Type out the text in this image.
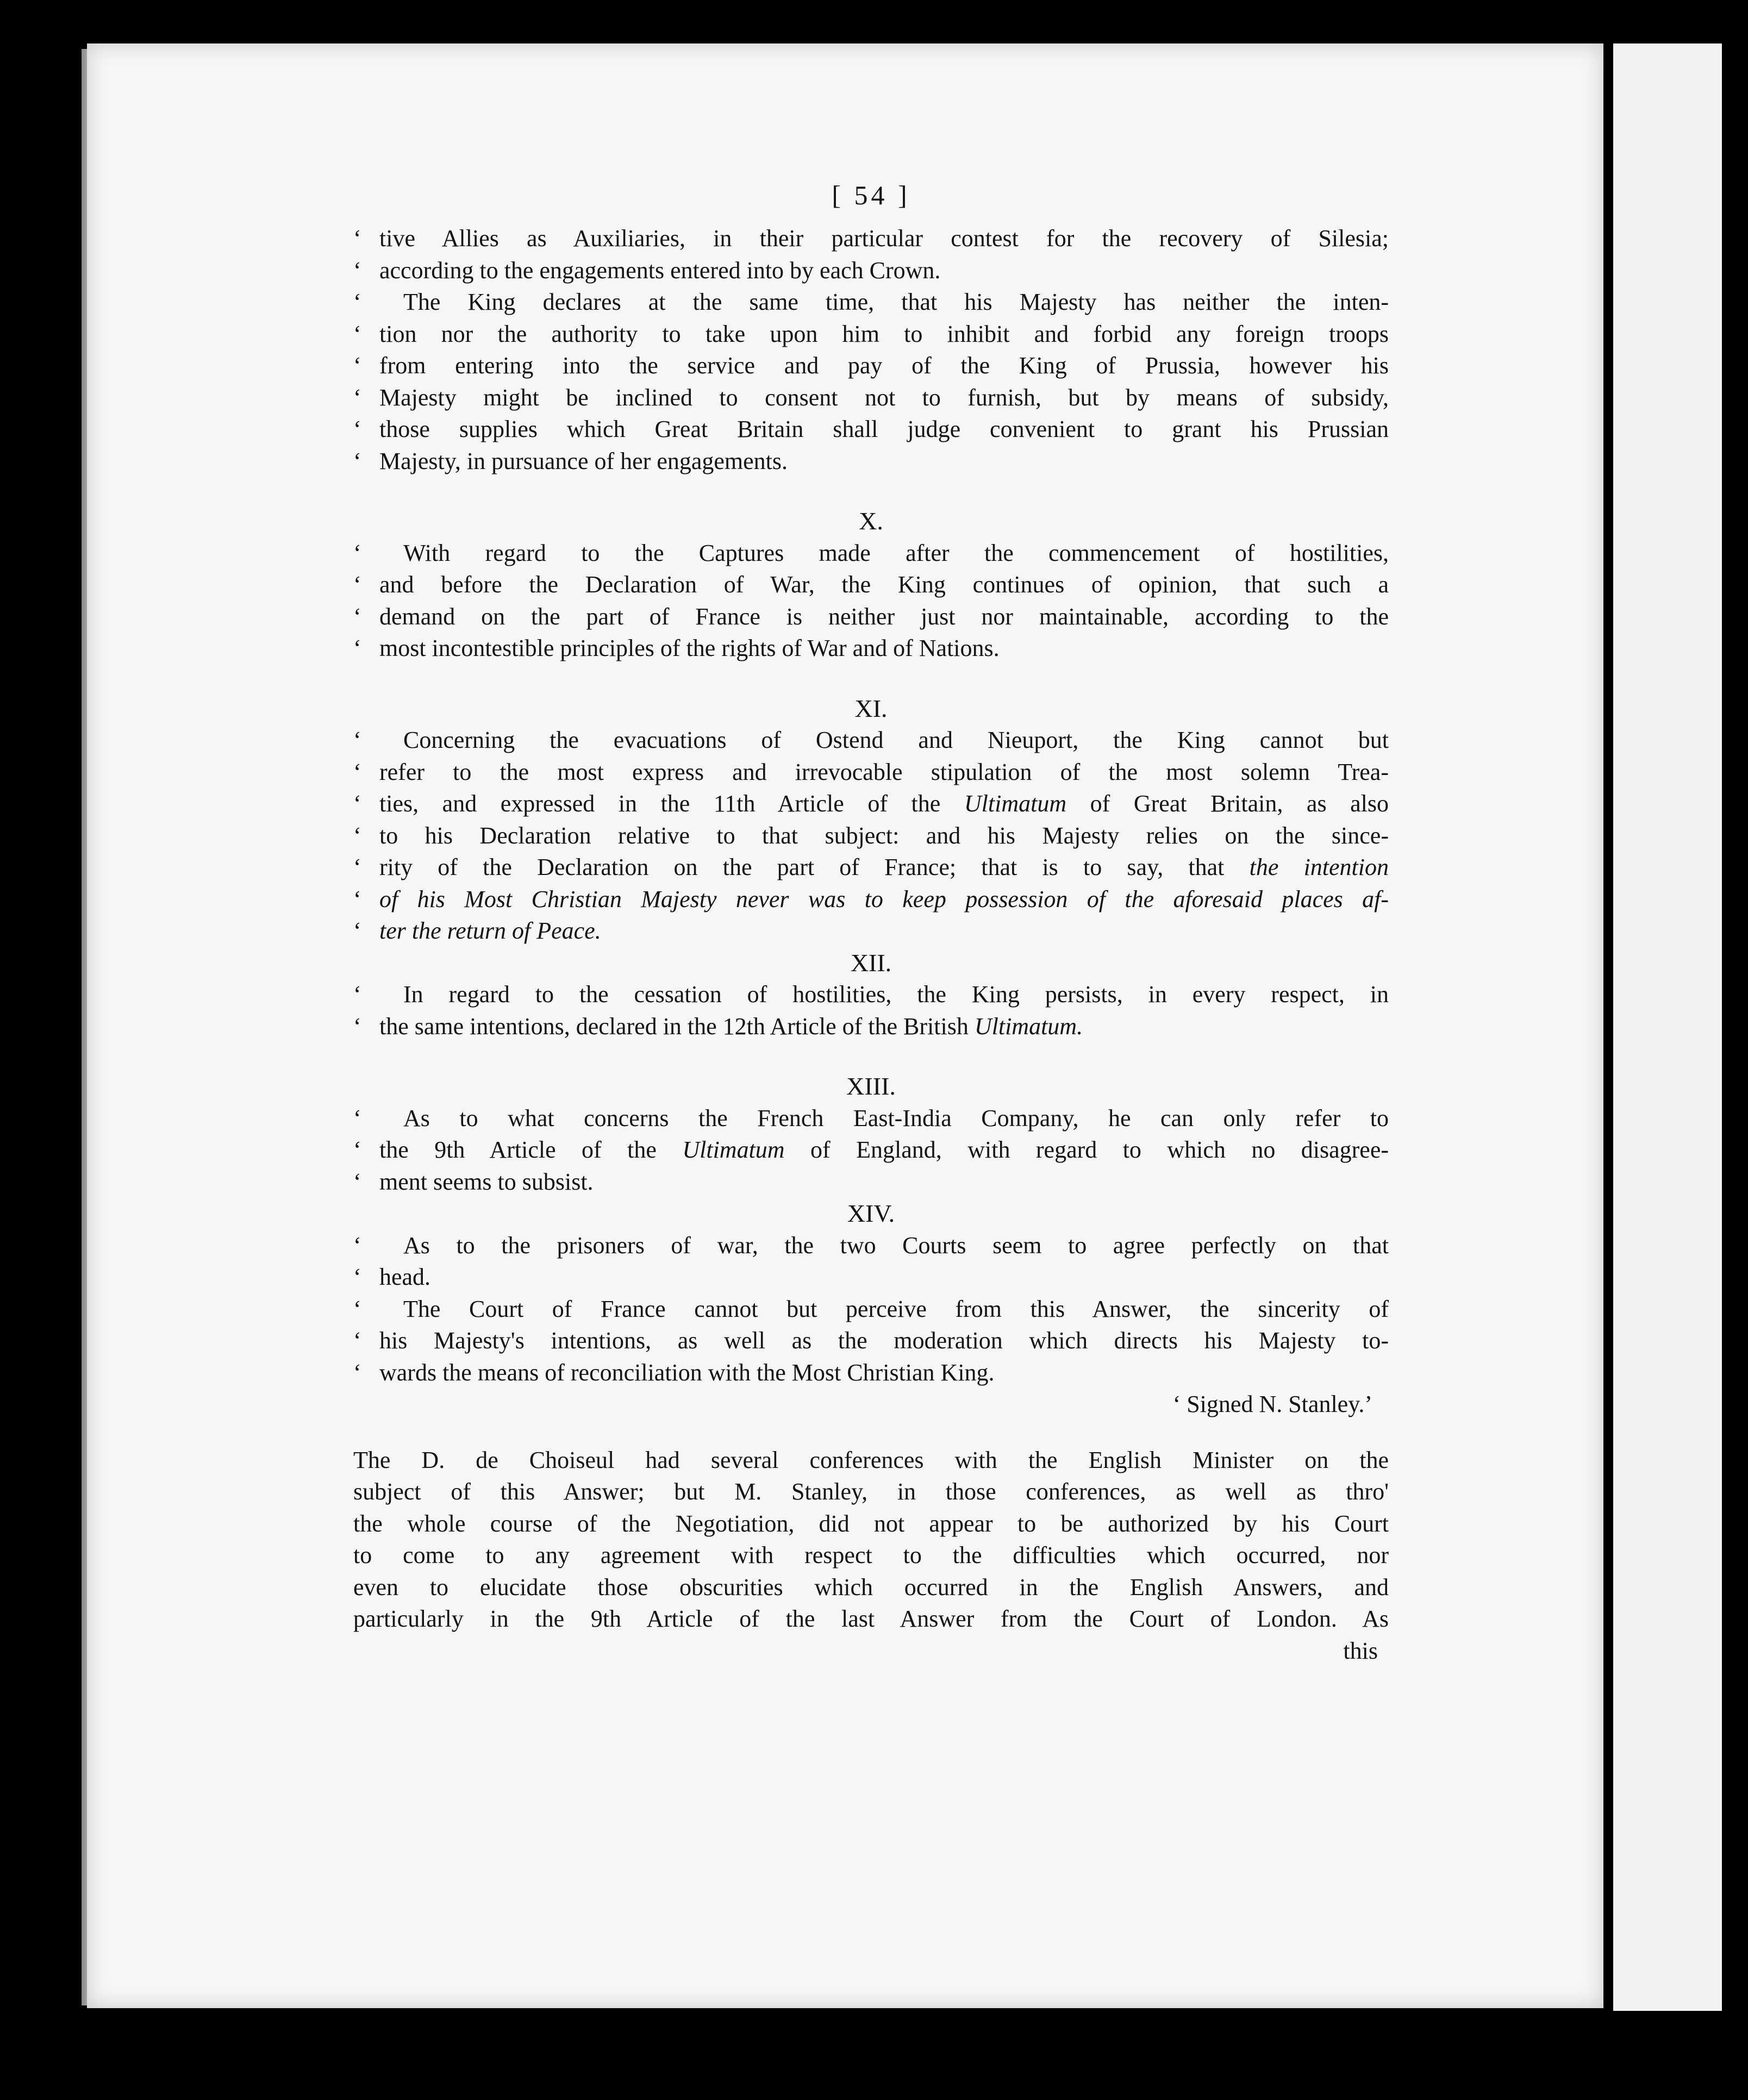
[ 54 ]
‘ tive Allies as Auxiliaries, in their particular contest for the recovery of Silesia;
‘ according to the engagements entered into by each Crown.
‘ The King declares at the same time, that his Majesty has neither the inten-
‘ tion nor the authority to take upon him to inhibit and forbid any foreign troops
‘ from entering into the service and pay of the King of Prussia, however his
‘ Majesty might be inclined to consent not to furnish, but by means of subsidy,
‘ those supplies which Great Britain shall judge convenient to grant his Prussian
‘ Majesty, in pursuance of her engagements.
X.
‘ With regard to the Captures made after the commencement of hostilities,
‘ and before the Declaration of War, the King continues of opinion, that such a
‘ demand on the part of France is neither just nor maintainable, according to the
‘ most incontestible principles of the rights of War and of Nations.
XI.
‘ Concerning the evacuations of Ostend and Nieuport, the King cannot but
‘ refer to the most express and irrevocable stipulation of the most solemn Trea-
‘ ties, and expressed in the 11th Article of the Ultimatum of Great Britain, as also
‘ to his Declaration relative to that subject: and his Majesty relies on the since-
‘ rity of the Declaration on the part of France; that is to say, that the intention
‘ of his Most Christian Majesty never was to keep possession of the aforesaid places af-
‘ ter the return of Peace.
XII.
‘ In regard to the cessation of hostilities, the King persists, in every respect, in
‘ the same intentions, declared in the 12th Article of the British Ultimatum.
XIII.
‘ As to what concerns the French East-India Company, he can only refer to
‘ the 9th Article of the Ultimatum of England, with regard to which no disagree-
‘ ment seems to subsist.
XIV.
‘ As to the prisoners of war, the two Courts seem to agree perfectly on that
‘ head.
‘ The Court of France cannot but perceive from this Answer, the sincerity of
‘ his Majesty's intentions, as well as the moderation which directs his Majesty to-
‘ wards the means of reconciliation with the Most Christian King.
‘ Signed N. Stanley.’
The D. de Choiseul had several conferences with the English Minister on the
subject of this Answer; but M. Stanley, in those conferences, as well as thro'
the whole course of the Negotiation, did not appear to be authorized by his Court
to come to any agreement with respect to the difficulties which occurred, nor
even to elucidate those obscurities which occurred in the English Answers, and
particularly in the 9th Article of the last Answer from the Court of London. As
this
